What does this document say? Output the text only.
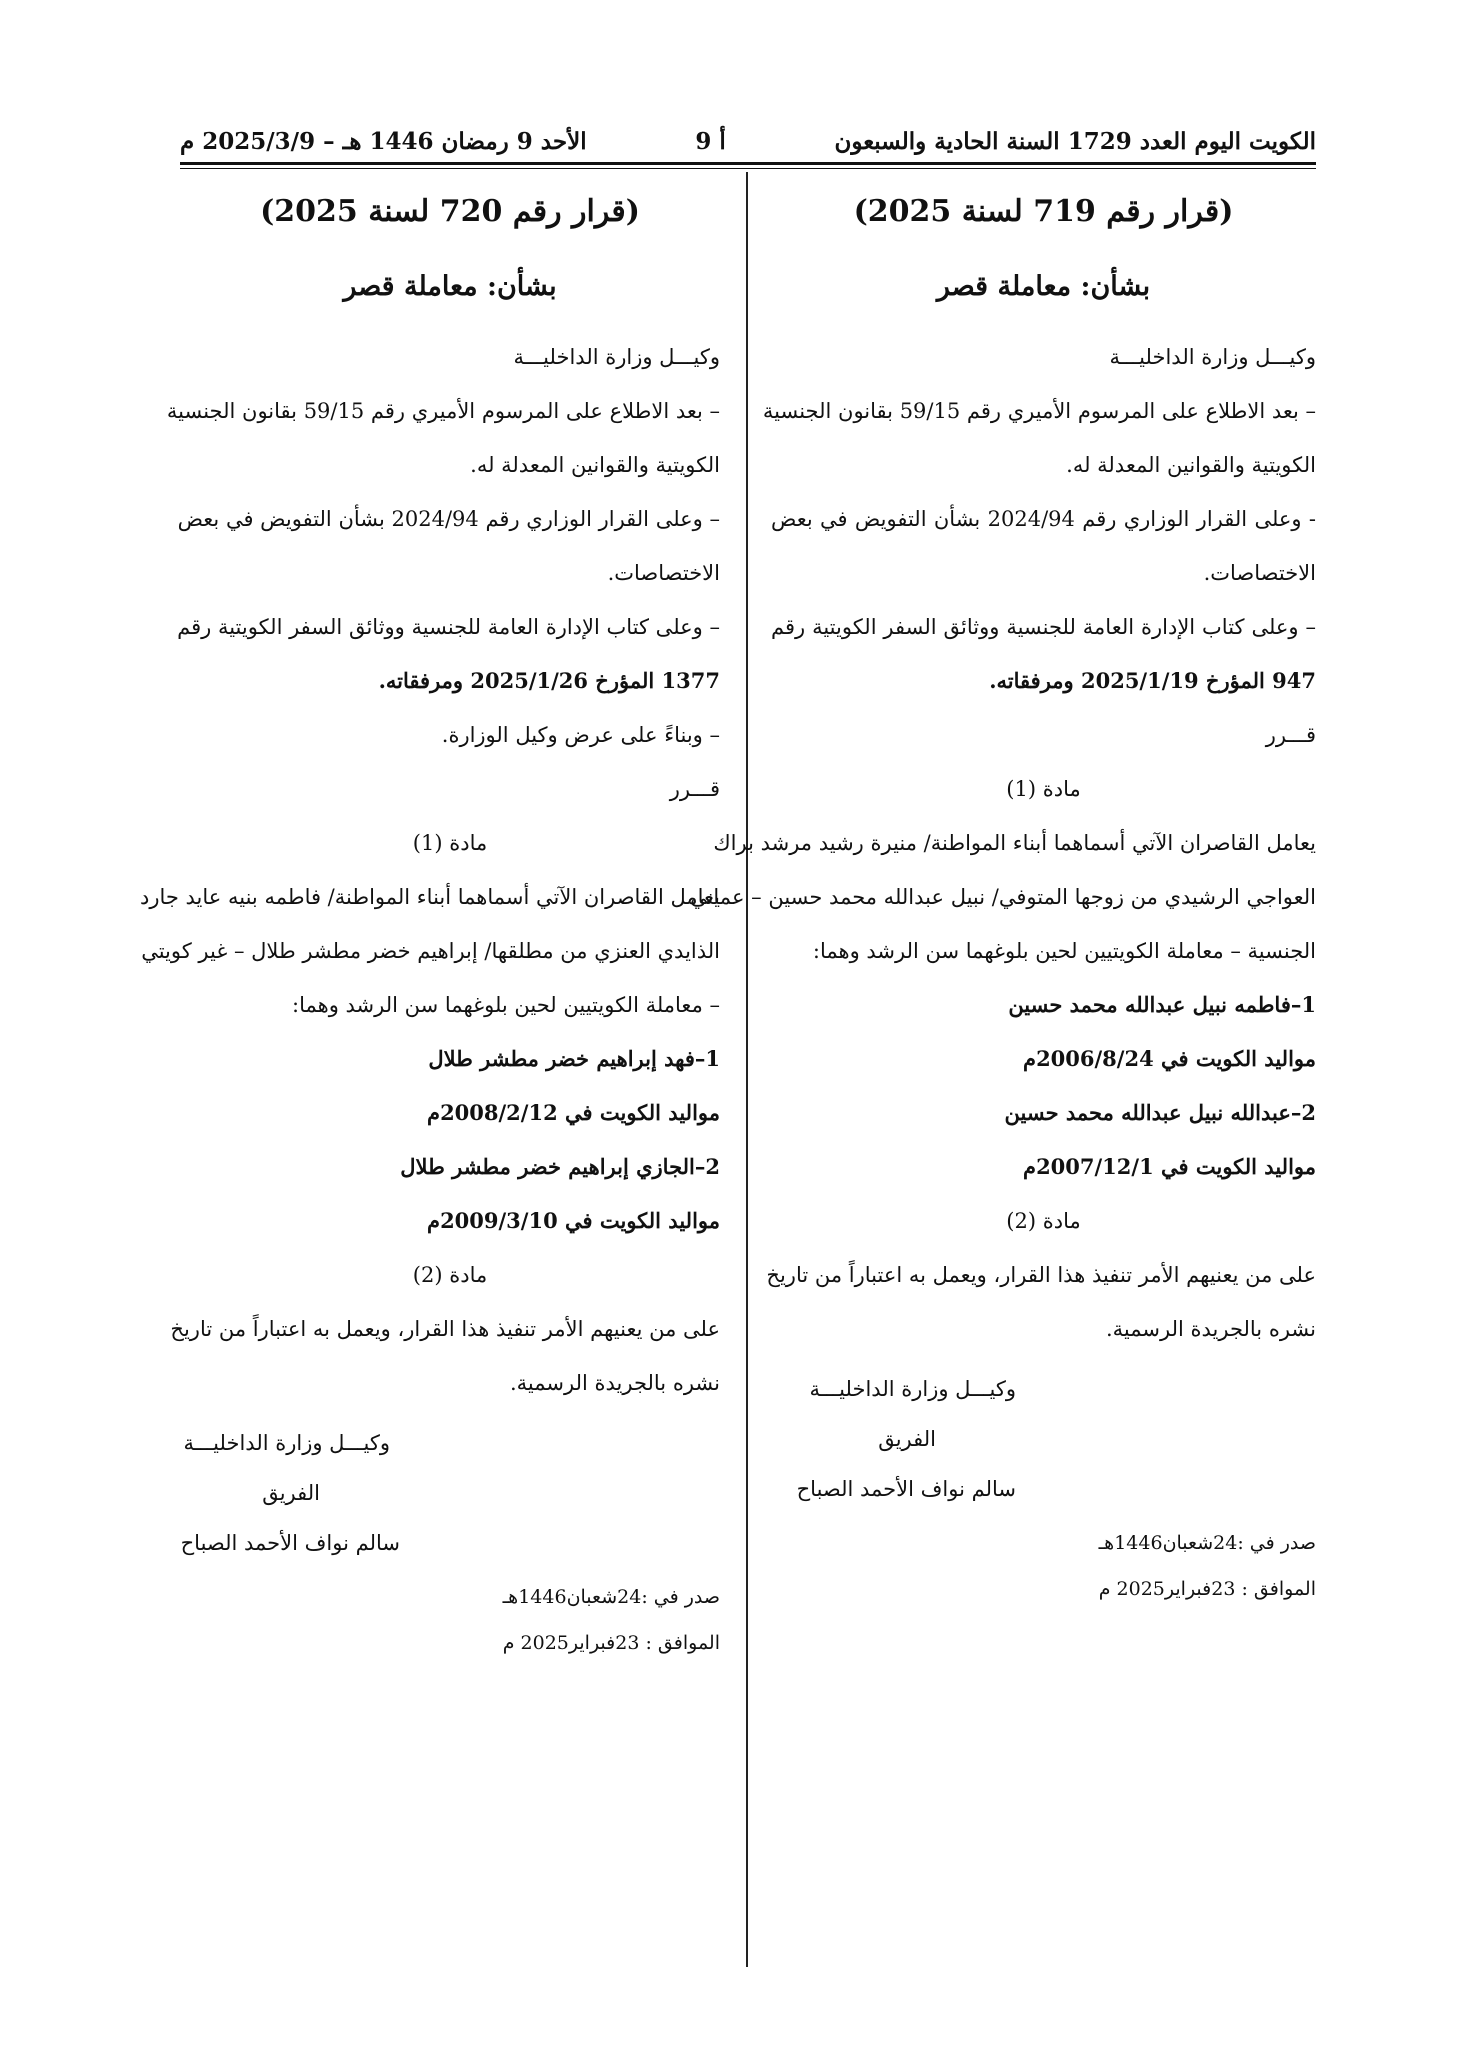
الكويت اليوم العدد 1729 السنة الحادية والسبعون
أ 9
الأحد 9 رمضان 1446 هـ – 2025/3/9 م
(قرار رقم 719 لسنة 2025)
بشأن: معاملة قصر
وكيـــل وزارة الداخليـــة
– بعد الاطلاع على المرسوم الأميري رقم 59/15 بقانون الجنسية
الكويتية والقوانين المعدلة له.
- وعلى القرار الوزاري رقم 2024/94 بشأن التفويض في بعض
الاختصاصات.
– وعلى كتاب الإدارة العامة للجنسية ووثائق السفر الكويتية رقم
947 المؤرخ 2025/1/19 ومرفقاته.
قـــرر
مادة (1)
يعامل القاصران الآتي أسماهما أبناء المواطنة/ منيرة رشيد مرشد براك
العواجي الرشيدي من زوجها المتوفي/ نبيل عبدالله محمد حسين – عماني
الجنسية – معاملة الكويتيين لحين بلوغهما سن الرشد وهما:
1–فاطمه نبيل عبدالله محمد حسين
مواليد الكويت في 2006/8/24م
2–عبدالله نبيل عبدالله محمد حسين
مواليد الكويت في 2007/12/1م
مادة (2)
على من يعنيهم الأمر تنفيذ هذا القرار، ويعمل به اعتباراً من تاريخ
نشره بالجريدة الرسمية.
وكيـــل وزارة الداخليـــة
الفريق
سالم نواف الأحمد الصباح
صدر في :24شعبان1446هـ
الموافق : 23فبراير2025 م
(قرار رقم 720 لسنة 2025)
بشأن: معاملة قصر
وكيـــل وزارة الداخليـــة
– بعد الاطلاع على المرسوم الأميري رقم 59/15 بقانون الجنسية
الكويتية والقوانين المعدلة له.
– وعلى القرار الوزاري رقم 2024/94 بشأن التفويض في بعض
الاختصاصات.
– وعلى كتاب الإدارة العامة للجنسية ووثائق السفر الكويتية رقم
1377 المؤرخ 2025/1/26 ومرفقاته.
– وبناءً على عرض وكيل الوزارة.
قـــرر
مادة (1)
يعامل القاصران الآتي أسماهما أبناء المواطنة/ فاطمه بنيه عايد جارد
الذايدي العنزي من مطلقها/ إبراهيم خضر مطشر طلال – غير كويتي
– معاملة الكويتيين لحين بلوغهما سن الرشد وهما:
1–فهد إبراهيم خضر مطشر طلال
مواليد الكويت في 2008/2/12م
2–الجازي إبراهيم خضر مطشر طلال
مواليد الكويت في 2009/3/10م
مادة (2)
على من يعنيهم الأمر تنفيذ هذا القرار، ويعمل به اعتباراً من تاريخ
نشره بالجريدة الرسمية.
وكيـــل وزارة الداخليـــة
الفريق
سالم نواف الأحمد الصباح
صدر في :24شعبان1446هـ
الموافق : 23فبراير2025 م
